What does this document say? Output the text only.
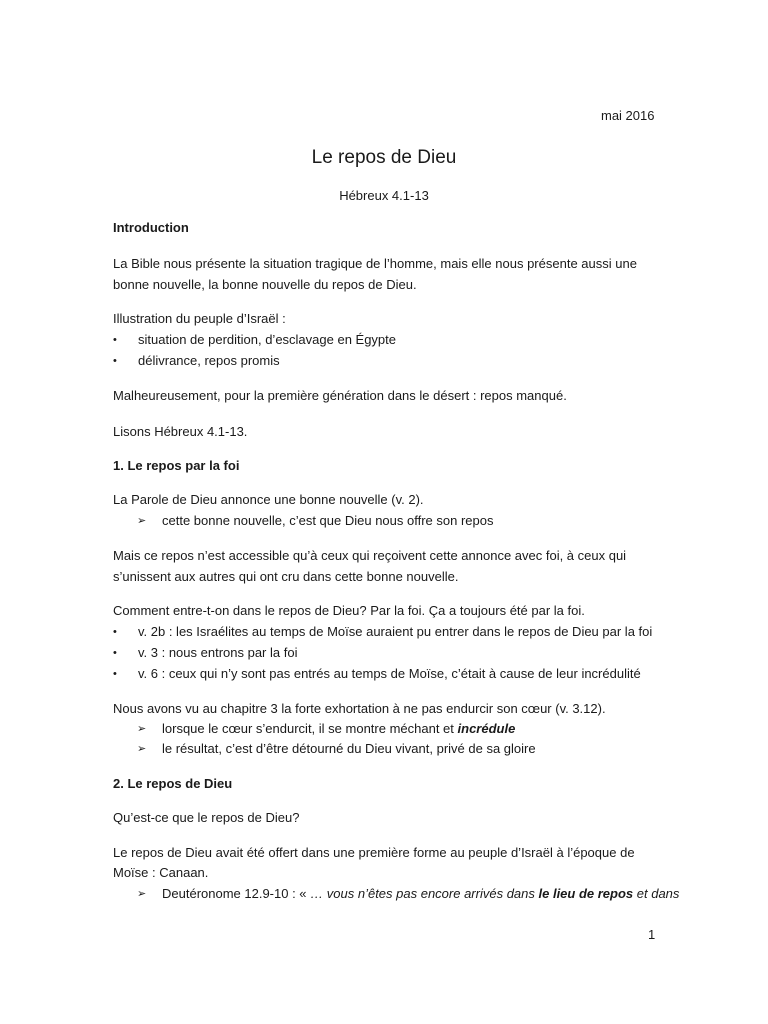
mai 2016
Le repos de Dieu
Hébreux 4.1-13
Introduction
La Bible nous présente la situation tragique de l’homme, mais elle nous présente aussi une
bonne nouvelle, la bonne nouvelle du repos de Dieu.
Illustration du peuple d’Israël :
• situation de perdition, d’esclavage en Égypte
• délivrance, repos promis
Malheureusement, pour la première génération dans le désert : repos manqué.
Lisons Hébreux 4.1-13.
1. Le repos par la foi
La Parole de Dieu annonce une bonne nouvelle (v. 2).
➢ cette bonne nouvelle, c’est que Dieu nous offre son repos
Mais ce repos n’est accessible qu’à ceux qui reçoivent cette annonce avec foi, à ceux qui
s’unissent aux autres qui ont cru dans cette bonne nouvelle.
Comment entre-t-on dans le repos de Dieu? Par la foi. Ça a toujours été par la foi.
• v. 2b : les Israélites au temps de Moïse auraient pu entrer dans le repos de Dieu par la foi
• v. 3 : nous entrons par la foi
• v. 6 : ceux qui n’y sont pas entrés au temps de Moïse, c’était à cause de leur incrédulité
Nous avons vu au chapitre 3 la forte exhortation à ne pas endurcir son cœur (v. 3.12).
➢ lorsque le cœur s’endurcit, il se montre méchant et incrédule
➢ le résultat, c’est d’être détourné du Dieu vivant, privé de sa gloire
2. Le repos de Dieu
Qu’est-ce que le repos de Dieu?
Le repos de Dieu avait été offert dans une première forme au peuple d’Israël à l’époque de
Moïse : Canaan.
➢ Deutéronome 12.9-10 : « … vous n’êtes pas encore arrivés dans le lieu de repos et dans
1
